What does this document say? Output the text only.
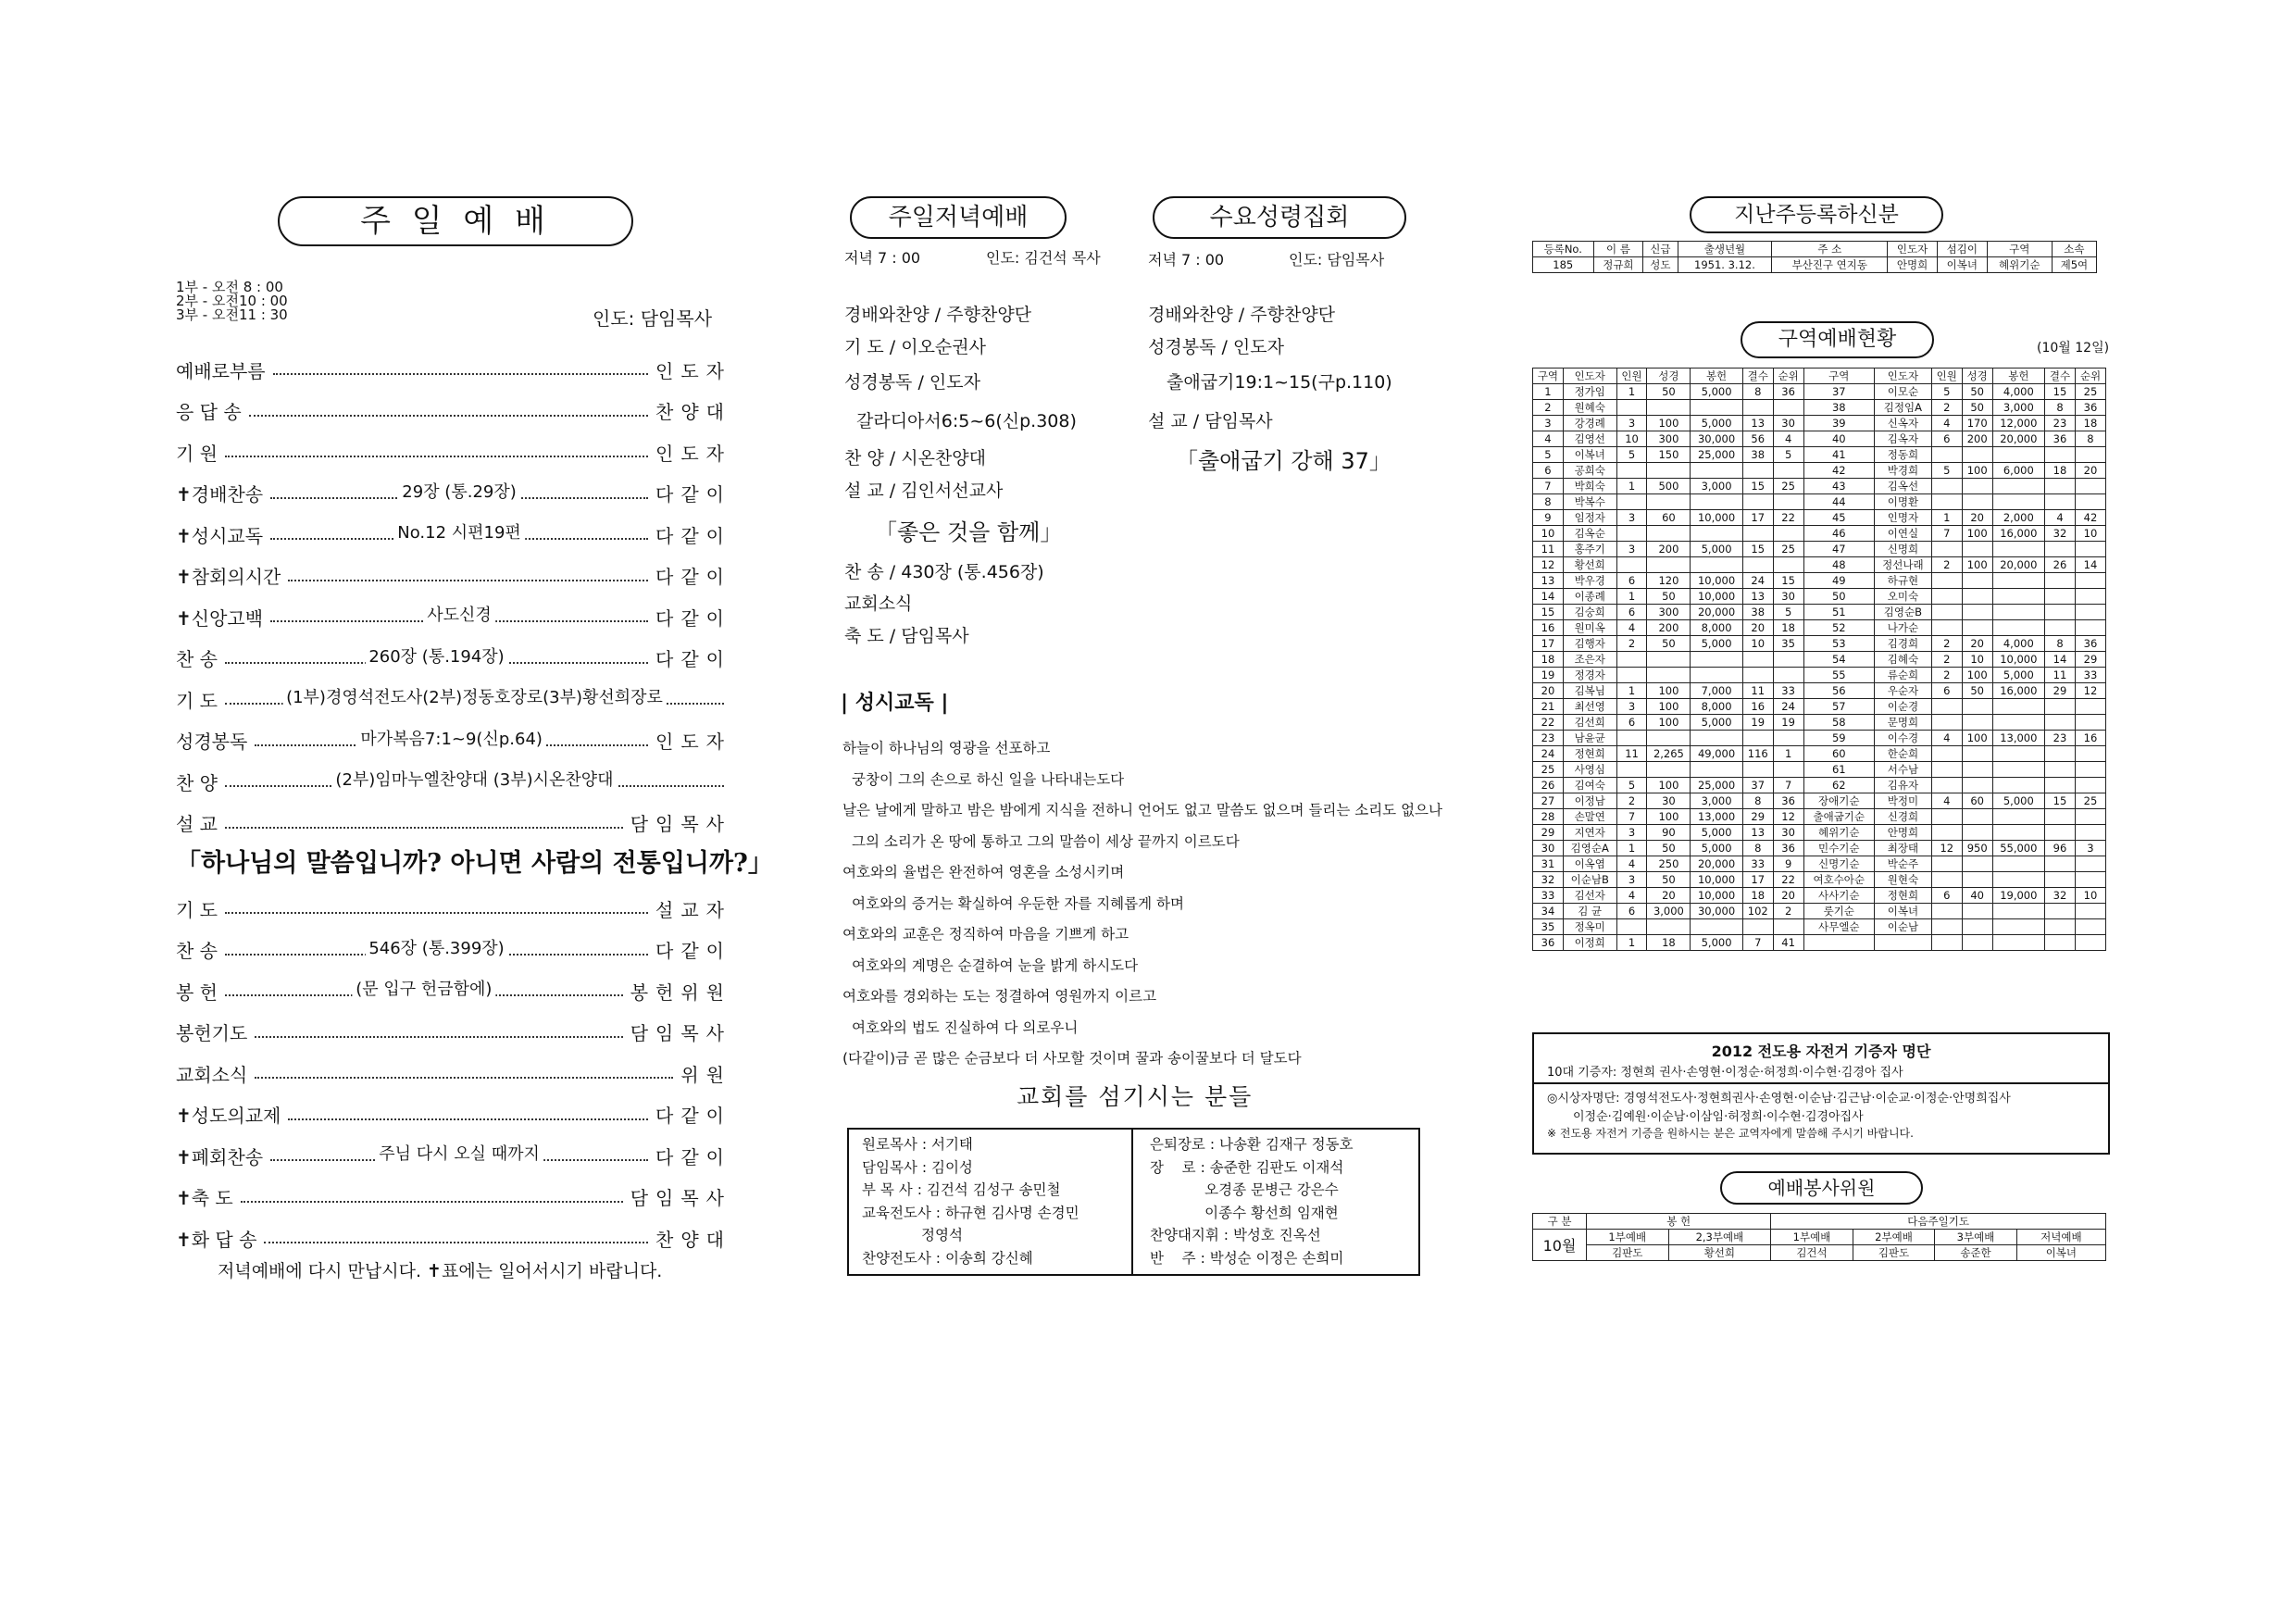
주 일 예 배
1부 - 오전 8 : 00
2부 - 오전10 : 00
3부 - 오전11 : 30	인도: 담임목사
예배로부름	인도자
응 답 송	찬양대
기 원	인도자
✝경배찬송	29장 (통.29장)	다같이
✝성시교독	No.12 시편19편	다같이
✝참회의시간	다같이
✝신앙고백	사도신경	다같이
찬 송	260장 (통.194장)	다같이
기 도	(1부)경영석전도사(2부)정동호장로(3부)황선희장로
성경봉독	마가복음7:1~9(신p.64)	인도자
찬 양	(2부)임마누엘찬양대 (3부)시온찬양대
설 교	담임목사
「하나님의 말씀입니까? 아니면 사람의 전통입니까?」
기 도	설교자
찬 송	546장 (통.399장)	다같이
봉 헌	(문 입구 헌금함에)	봉헌위원
봉헌기도	담임목사
교회소식	위원
✝성도의교제	다같이
✝폐회찬송	주님 다시 오실 때까지	다같이
✝축 도	담임목사
✝화 답 송	찬양대
저녁예배에 다시 만납시다. ✝표에는 일어서시기 바랍니다.
주일저녁예배	수요성령집회
저녁 7 : 00	인도: 김건석 목사	저녁 7 : 00	인도: 담임목사
경배와찬양 / 주향찬양단
기 도 / 이오순권사
성경봉독 / 인도자
갈라디아서6:5~6(신p.308)
찬 양 / 시온찬양대
설 교 / 김인서선교사
「좋은 것을 함께」
찬 송 / 430장 (통.456장)
교회소식
축 도 / 담임목사
경배와찬양 / 주향찬양단
성경봉독 / 인도자
출애굽기19:1~15(구p.110)
설 교 / 담임목사
「출애굽기 강해 37」
| 성시교독 |
하늘이 하나님의 영광을 선포하고
궁창이 그의 손으로 하신 일을 나타내는도다
날은 날에게 말하고 밤은 밤에게 지식을 전하니 언어도 없고 말씀도 없으며 들리는 소리도 없으나
그의 소리가 온 땅에 통하고 그의 말씀이 세상 끝까지 이르도다
여호와의 율법은 완전하여 영혼을 소성시키며
여호와의 증거는 확실하여 우둔한 자를 지혜롭게 하며
여호와의 교훈은 정직하여 마음을 기쁘게 하고
여호와의 계명은 순결하여 눈을 밝게 하시도다
여호와를 경외하는 도는 정결하여 영원까지 이르고
여호와의 법도 진실하여 다 의로우니
(다같이)금 곧 많은 순금보다 더 사모할 것이며 꿀과 송이꿀보다 더 달도다
교회를 섬기시는 분들
원로목사 : 서기태
담임목사 : 김이성
부 목 사 : 김건석 김성구 송민철
교육전도사 : 하규현 김사명 손경민
정영석
찬양전도사 : 이송희 강신혜
은퇴장로 : 나송환 김재구 정동호
장    로 : 송준한 김판도 이재석
오경종 문병근 강은수
이종수 황선희 임재현
찬양대지휘 : 박성호 진옥선
반    주 : 박성순 이정은 손희미
지난주등록하신분
등록No.	이 름	신급	출생년월	주 소	인도자	섬김이	구역	소속
185	정규희	성도	1951. 3.12.	부산진구 연지동	안명희	이복녀	혜위기순	제5여
구역예배현황	(10월 12일)
구역	인도자	인원	성경	봉헌	결수	순위	구역	인도자	인원	성경	봉헌	결수	순위
1	정가임	1	50	5,000	8	36	37	이모순	5	50	4,000	15	25
2	원혜숙						38	김정임A	2	50	3,000	8	36
3	강경례	3	100	5,000	13	30	39	신옥자	4	170	12,000	23	18
4	김영선	10	300	30,000	56	4	40	김옥자	6	200	20,000	36	8
5	이복녀	5	150	25,000	38	5	41	정동희					
6	공희숙						42	박경희	5	100	6,000	18	20
7	박희숙	1	500	3,000	15	25	43	김옥선					
8	박복수						44	이명환					
9	임정자	3	60	10,000	17	22	45	인명자	1	20	2,000	4	42
10	김옥순						46	이연실	7	100	16,000	32	10
11	홍주기	3	200	5,000	15	25	47	신명희					
12	황선희						48	정선나래	2	100	20,000	26	14
13	박우경	6	120	10,000	24	15	49	하규현					
14	이종례	1	50	10,000	13	30	50	오미숙					
15	김숭희	6	300	20,000	38	5	51	김영순B					
16	원미옥	4	200	8,000	20	18	52	나가순					
17	김행자	2	50	5,000	10	35	53	김경희	2	20	4,000	8	36
18	조은자						54	김혜숙	2	10	10,000	14	29
19	정경자						55	류순희	2	100	5,000	11	33
20	김복님	1	100	7,000	11	33	56	우순자	6	50	16,000	29	12
21	최선영	3	100	8,000	16	24	57	이순경					
22	김선희	6	100	5,000	19	19	58	문명희					
23	남윤균						59	이수경	4	100	13,000	23	16
24	정현희	11	2,265	49,000	116	1	60	한순희					
25	사영심						61	서수남					
26	김여숙	5	100	25,000	37	7	62	김유자					
27	이정남	2	30	3,000	8	36	장애기순	박정미	4	60	5,000	15	25
28	손말연	7	100	13,000	29	12	출애굽기순	신경희					
29	지연자	3	90	5,000	13	30	혜위기순	안명희					
30	김영순A	1	50	5,000	8	36	민수기순	최장태	12	950	55,000	96	3
31	이옥염	4	250	20,000	33	9	신명기순	박순주					
32	이순남B	3	50	10,000	17	22	여호수아순	원현숙					
33	김선자	4	20	10,000	18	20	사사기순	정현희	6	40	19,000	32	10
34	김 균	6	3,000	30,000	102	2	룻기순	이복녀					
35	정옥미						사무엘순	이순남					
36	이정희	1	18	5,000	7	41							
2012 전도용 자전거 기증자 명단
10대 기증자: 정현희 권사·손영현·이정순·허정희·이수현·김경아 집사
◎시상자명단: 경영석전도사·정현희권사·손영현·이순남·김근남·이순교·이정순·안명희집사
이정순·김예원·이순남·이삼임·허정희·이수현·김경아집사
※ 전도용 자전거 기증을 원하시는 분은 교역자에게 말씀해 주시기 바랍니다.
예배봉사위원
구 분	봉 헌		다음주일기도			
10월	1부예배	2,3부예배	1부예배	2부예배	3부예배	저녁예배
	김판도	황선희	김건석	김판도	송준한	이복녀
